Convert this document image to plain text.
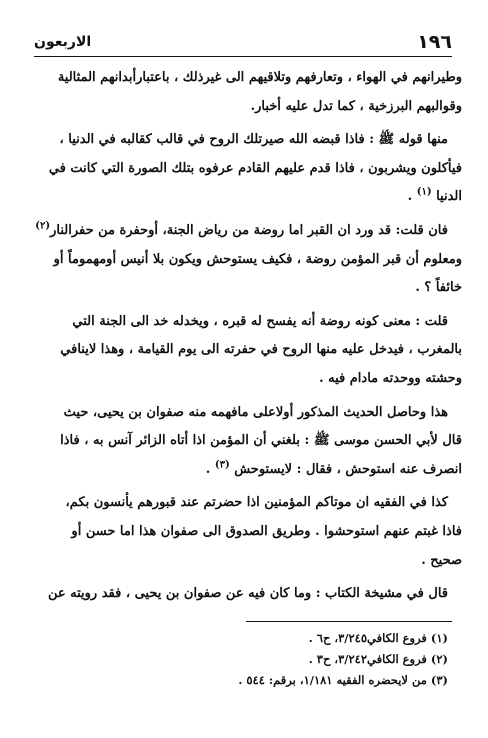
١٩٦
الاربعون

وطيرانهم في الهواء ، وتعارفهم وتلاقيهم الى غيرذلك ، باعتبارأبدانهم المثالية
وقوالبهم البرزخية ، كما تدل عليه أخبار.

منها قوله ﷺ : فاذا قبضه الله صيرتلك الروح في قالب كقالبه في الدنيا ،
فيأكلون ويشربون ، فاذا قدم عليهم القادم عرفوه بتلك الصورة التي كانت في
الدنيا $^{(١)}$ .

فان قلت: قد ورد ان القبر اما روضة من رياض الجنة، أوحفرة من حفرالنار$^{(٢)}$
ومعلوم أن قبر المؤمن روضة ، فكيف يستوحش ويكون بلا أنيس أومهموماً أو
خائفاً ؟ .

قلت : معنى كونه روضة أنه يفسح له قبره ، ويخدله خد الى الجنة التي
بالمغرب ، فيدخل عليه منها الروح في حفرته الى يوم القيامة ، وهذا لاينافي
وحشته ووحدته مادام فيه .

هذا وحاصل الحديث المذكور أولاعلى مافهمه منه صفوان بن يحيى، حيث
قال لأبي الحسن موسى ﷺ : بلغني أن المؤمن اذا أتاه الزائر آنس به ، فاذا
انصرف عنه استوحش ، فقال : لايستوحش $^{(٣)}$ .

كذا في الفقيه ان موتاكم المؤمنين اذا حضرتم عند قبورهم يأنسون بكم،
فاذا غبتم عنهم استوحشوا . وطريق الصدوق الى صفوان هذا اما حسن أو
صحيح .

قال في مشيخة الكتاب : وما كان فيه عن صفوان بن يحيى ، فقد رويته عن

(١) فروع الكافي٣/٢٤٥، ح٦ .
(٢) فروع الكافي٣/٢٤٢، ح٣ .
(٣) من لايحضره الفقيه ١/١٨١، برقم: ٥٤٤ .
